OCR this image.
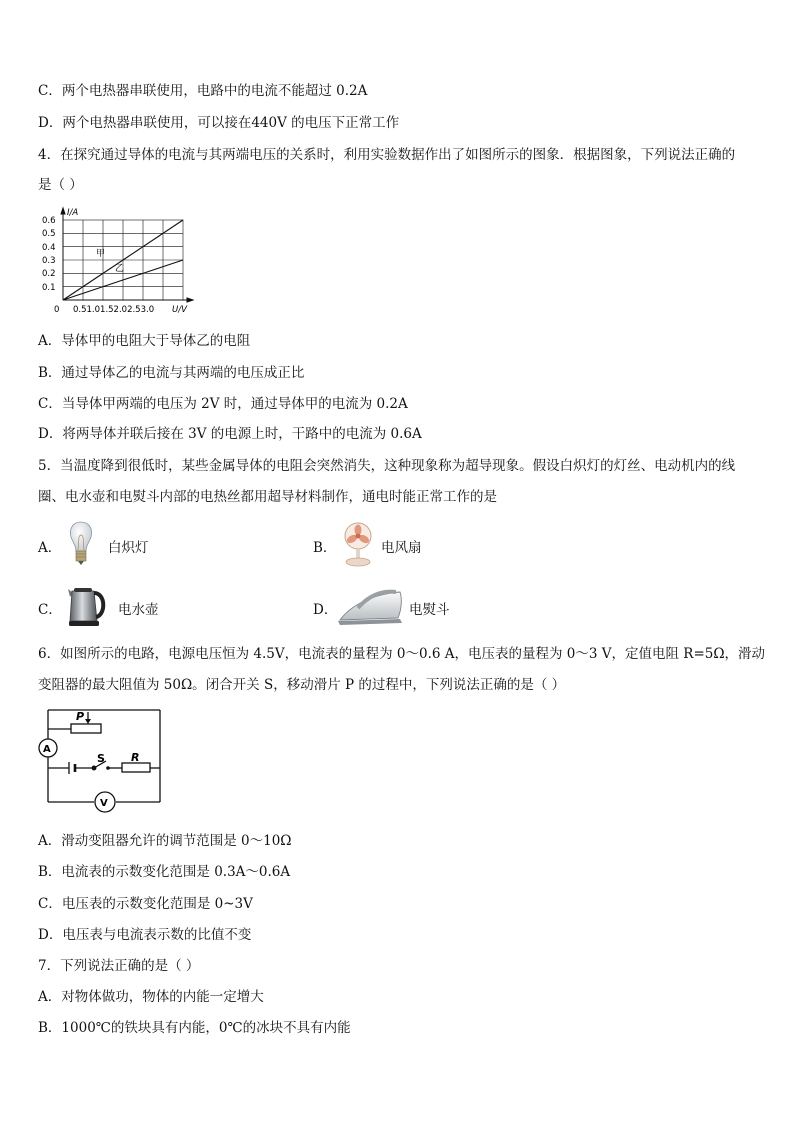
C．两个电热器串联使用，电路中的电流不能超过 0.2A
D．两个电热器串联使用，可以接在440V 的电压下正常工作
4．在探究通过导体的电流与其两端电压的关系时，利用实验数据作出了如图所示的图象．根据图象，下列说法正确的
是（ ）
I/A
U/V
0.6
0.5
0.4
0.3
0.2
0.1
0 0.51.01.52.02.53.0
甲
乙
A．导体甲的电阻大于导体乙的电阻
B．通过导体乙的电流与其两端的电压成正比
C．当导体甲两端的电压为 2V 时，通过导体甲的电流为 0.2A
D．将两导体并联后接在 3V 的电源上时，干路中的电流为 0.6A
5．当温度降到很低时，某些金属导体的电阻会突然消失，这种现象称为超导现象。假设白炽灯的灯丝、电动机内的线
圈、电水壶和电熨斗内部的电热丝都用超导材料制作，通电时能正常工作的是
A．	白炽灯	B．	电风扇
C．	电水壶	D．	电熨斗
6．如图所示的电路，电源电压恒为 4.5V，电流表的量程为 0～0.6 A，电压表的量程为 0～3 V，定值电阻 R=5Ω，滑动
变阻器的最大阻值为 50Ω。闭合开关 S，移动滑片 P 的过程中，下列说法正确的是（ ）
P
A
S R
V
A．滑动变阻器允许的调节范围是 0～10Ω
B．电流表的示数变化范围是 0.3A～0.6A
C．电压表的示数变化范围是 0~3V
D．电压表与电流表示数的比值不变
7．下列说法正确的是（ ）
A．对物体做功，物体的内能一定增大
B．1000℃的铁块具有内能，0℃的冰块不具有内能
